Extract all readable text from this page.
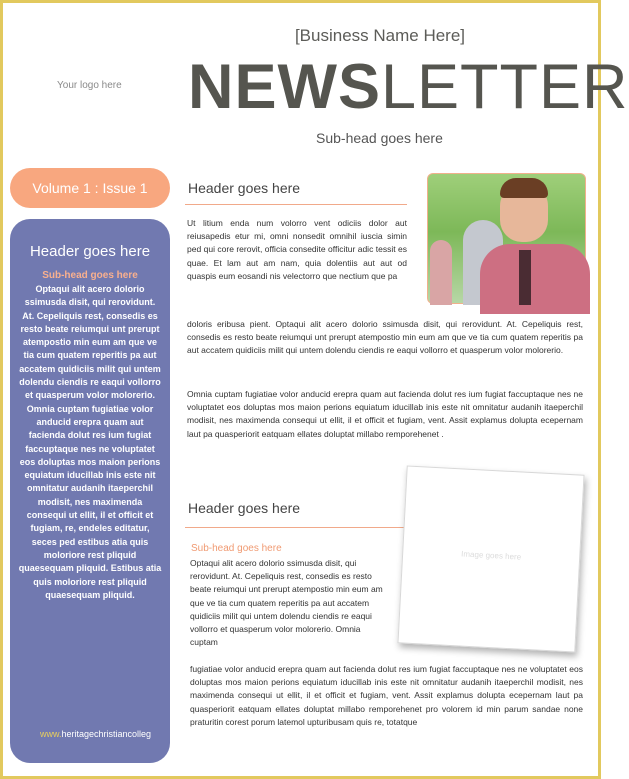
Your logo here
[Business Name Here]
NEWSLETTER
Sub-head goes here
Volume 1 : Issue 1
Header goes here
Sub-head goes here
Optaqui alit acero dolorio ssimusda disit, qui rerovidunt. At. Cepeliquis rest, consedis es resto beate reiumqui unt prerupt atempostio min eum am que ve tia cum quatem reperitis pa aut accatem quidiciis milit qui untem dolendu ciendis re eaqui vollorro et quasperum volor molorerio. Omnia cuptam fugiatiae volor anducid erepra quam aut facienda dolut res ium fugiat faccuptaque nes ne voluptatet eos doluptas mos maion perions equiatum iducillab inis este nit omnitatur audanih itaeperchil modisit, nes maximenda consequi ut ellit, il et officit et fugiam, re, endeles editatur, seces ped estibus atia quis moloriore rest pliquid quaesequam pliquid. Estibus atia quis moloriore rest pliquid quaesequam pliquid.
www.heritagechristiancolleg
Header goes here
Ut litium enda num volorro vent odiciis dolor aut reiusapedis etur mi, omni nonsedit omnihil iuscia simin ped qui core rerovit, officia consedite officitur adic tessit es quae. Et lam aut am nam, quia dolentiis aut aut od quaspis eum eosandi nis velectorro que nectium que pa
doloris eribusa pient. Optaqui alit acero dolorio ssimusda disit, qui rerovidunt. At. Cepeliquis rest, consedis es resto beate reiumqui unt prerupt atempostio min eum am que ve tia cum quatem reperitis pa aut accatem quidiciis milit qui untem dolendu ciendis re eaqui vollorro et quasperum volor molorerio.
Omnia cuptam fugiatiae volor anducid erepra quam aut facienda dolut res ium fugiat faccuptaque nes ne voluptatet eos doluptas mos maion perions equiatum iducillab inis este nit omnitatur audanih itaeperchil modisit, nes maximenda consequi ut ellit, il et officit et fugiam, vent. Assit explamus dolupta ecepernam laut pa quasperiorit eatquam ellates doluptat millabo remporehenet .
Header goes here
Sub-head goes here
Optaqui alit acero dolorio ssimusda disit, qui rerovidunt. At. Cepeliquis rest, consedis es resto beate reiumqui unt prerupt atempostio min eum am que ve tia cum quatem reperitis pa aut accatem quidiciis milit qui untem dolendu ciendis re eaqui vollorro et quasperum volor molorerio. Omnia cuptam
Image goes here
fugiatiae volor anducid erepra quam aut facienda dolut res ium fugiat faccuptaque nes ne voluptatet eos doluptas mos maion perions equiatum iducillab inis este nit omnitatur audanih itaeperchil modisit, nes maximenda consequi ut ellit, il et officit et fugiam, vent. Assit explamus dolupta ecepernam laut pa quasperiorit eatquam ellates doluptat millabo remporehenet pro volorem id min parum sandae none praturitin corest porum latemol upturibusam quis re, totatque
